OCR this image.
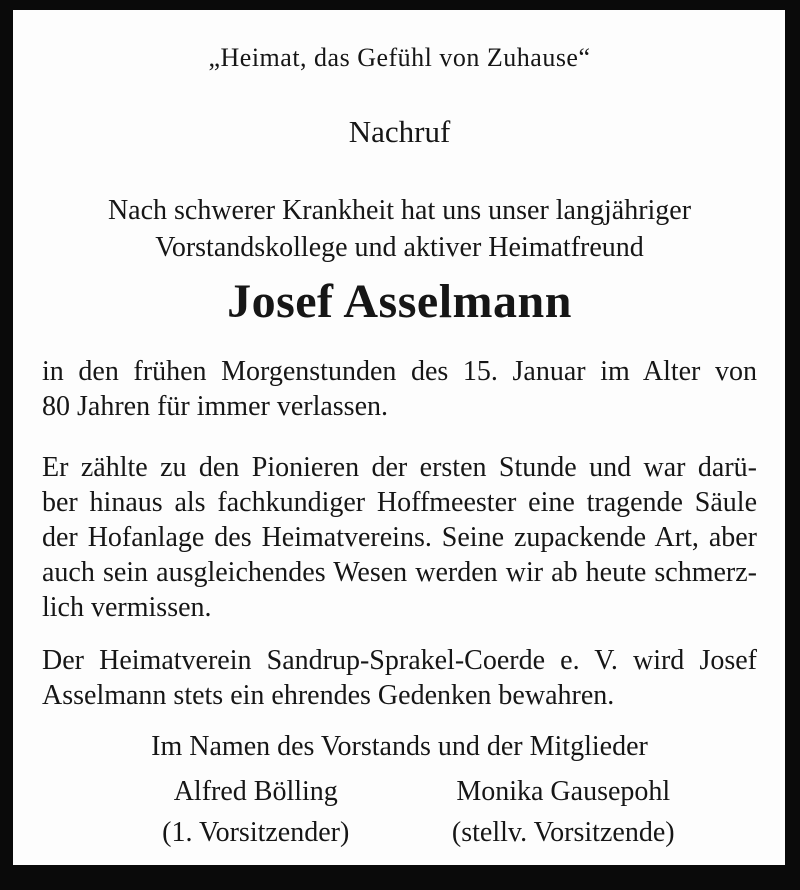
„Heimat, das Gefühl von Zuhause“
Nachruf
Nach schwerer Krankheit hat uns unser langjähriger
Vorstandskollege und aktiver Heimatfreund
Josef Asselmann
in den frühen Morgenstunden des 15. Januar im Alter von
80 Jahren für immer verlassen.
Er zählte zu den Pionieren der ersten Stunde und war darü-
ber hinaus als fachkundiger Hoffmeester eine tragende Säule
der Hofanlage des Heimatvereins. Seine zupackende Art, aber
auch sein ausgleichendes Wesen werden wir ab heute schmerz-
lich vermissen.
Der Heimatverein Sandrup-Sprakel-Coerde e. V. wird Josef
Asselmann stets ein ehrendes Gedenken bewahren.
Im Namen des Vorstands und der Mitglieder
Alfred Bölling
(1. Vorsitzender)
Monika Gausepohl
(stellv. Vorsitzende)
